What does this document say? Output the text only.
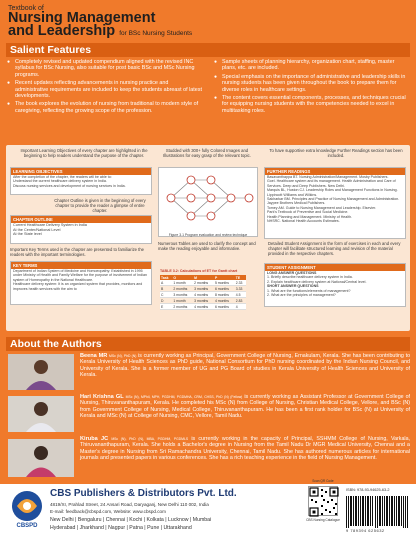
Textbook of
Nursing Management
and Leadership for BSc Nursing Students
Salient Features
● Completely revised and updated compendium aligned with the revised INC syllabus for BSc Nursing, also suitable for post basic BSc and MSc Nursing programs.
● Recent updates reflecting advancements in nursing practice and administrative requirements are included to keep the students abreast of latest developments.
● The book explores the evolution of nursing from traditional to modern style of caregiving, reflecting the growing scope of the profession.
● Sample sheets of planning hierarchy, organization chart, staffing, master plans, etc. are included.
● Special emphasis on the importance of administrative and leadership skills in nursing students has been given throughout the book to prepare them for diverse roles in healthcare settings.
● The content covers essential components, processes, and techniques crucial for equipping nursing students with the competencies needed to excel in multitasking roles.
Important Learning Objectives of every chapter are highlighted in the beginning to help readers understand the purpose of the chapter.
LEARNING OBJECTIVES
After the completion of the chapter, the readers will be able to:
Understand the current healthcare delivery system in India.
Discuss nursing services and development of nursing services in India.
Chapter Outline is given in the beginning of every chapter to provide the reader a glimpse of entire chapter.
CHAPTER OUTLINE
Current Healthcare Delivery System in India
At the Center/National Level
At the State level
Important Key Terms used in the chapter are presented to familiarize the readers with the important terminologies.
KEY TERMS
Department of Indian System of Medicine and Homoeopathy: Established in 1995 under Ministry of Health and Family Welfare for the purpose of involvement of Indian system of Homeopathy in the National Healthcare.
Healthcare delivery system: It is an organized system that provides, monitors and improves health services with the aim to
Studded with 300+ fully Colored Images and Illustrations for easy grasp of the relevant topic.
Figure 3.1 Program evaluation and review technique
Numerous Tables are used to clarify the concept and make the reading enjoyable and informative.
TABLE 3.2: Calculations of ET for Gantt chart
Task	O	M	P	TE
A	1 month	2 months	5 months	2.33
B	2 months	3 months	6 months	3.33
C	3 months	4 months	8 months	4.5
D	1 month	3 months	4 months	2.83
E	2 months	4 months	6 months	4
To have supportive extra knowledge Further Readings section has been included.
FURTHER READINGS
Basavanthappa BT. Nursing Administration/Management. Mosby Publishers.
Goel. Healthcare system and its management. Health Administration and Care of Services. Deep and Deep Publishers. New Delhi.
Marquis BL, Huston CJ. Leadership Roles and Management Functions in Nursing. Lippincott Williams and Wilkins.
Sakharkar BM. Principles and Practice of Nursing Management and Administration. Jaypee Brothers Medical Publishers.
Tomey AM. Guide to Nursing Management and Leadership. Elsevier.
Park's Textbook of Preventive and Social Medicine.
Health Planning and Management. Ministry of Health.
NHSRC. National Health Accounts Estimates.
Detailed Student Assignment in the form of exercises in each and every chapter will facilitate structured learning and revision of the material provided in the respective chapters.
STUDENT ASSIGNMENT
LONG ANSWER QUESTIONS
1. Briefly describe healthcare delivery system in India.
2. Explain healthcare delivery system at National/Central level.
SHORT ANSWER QUESTIONS
1. What are the functions/elements of management?
2. What are the principles of management?
About the Authors
Beena MR MSc (N), PhD (N) is currently working as Principal, Government College of Nursing, Ernakulam, Kerala. She has been contributing to Kerala University of Health Sciences as PhD guide, National Consortium for PhD nursing coordinated by the Indian Nursing Council, and University of Kerala. She is a former member of UG and PG Board of studies in Kerala University of Health Sciences and University of Kerala.
Hari Krishna GL MSc (N), MPhil, MPH, PGDHM, PGDMHA, CRM, CHSS, PhD (N) (Fellow) is currently working as Assistant Professor at Government College of Nursing, Thiruvananthapuram, Kerala. He completed his MSc (N) from College of Nursing, Christian Medical College, Vellore, and BSc (N) from Government College of Nursing, Medical College, Thiruvananthapuram. He has been a first rank holder for BSc (N) at University of Kerala and MSc (N) at College of Nursing, CMC, Vellore, Tamil Nadu.
Kiruba JC MSc (N), PhD (N), MBA, PGDHM, PGDMLS is currently working in the capacity of Principal, SSHMM College of Nursing, Varkala, Thiruvananthapuram, Kerala. She holds a Bachelor's degree in Nursing from the Tamil Nadu Dr MGR Medical University, Chennai and a Master's degree in Nursing from Sri Ramachandra University, Chennai, Tamil Nadu. She has authored numerous articles for international journals and presented papers in various conferences. She has a rich teaching experience in the field of Nursing Management.
CBSPD
CBS Publishers & Distributors Pvt. Ltd.
4819/XI, Prahlad Street, 24 Ansari Road, Daryaganj, New Delhi 110 002, India
E-mail: feedback@cbspd.com, Website: www.cbspd.com
New Delhi | Bengaluru | Chennai | Kochi | Kolkata | Lucknow | Mumbai
Hyderabad | Jharkhand | Nagpur | Patna | Pune | Uttarakhand
Scan QR Code
CBS Nursing Catalogue
ISBN: 978-93-94625-63-2
9 789394 625632
